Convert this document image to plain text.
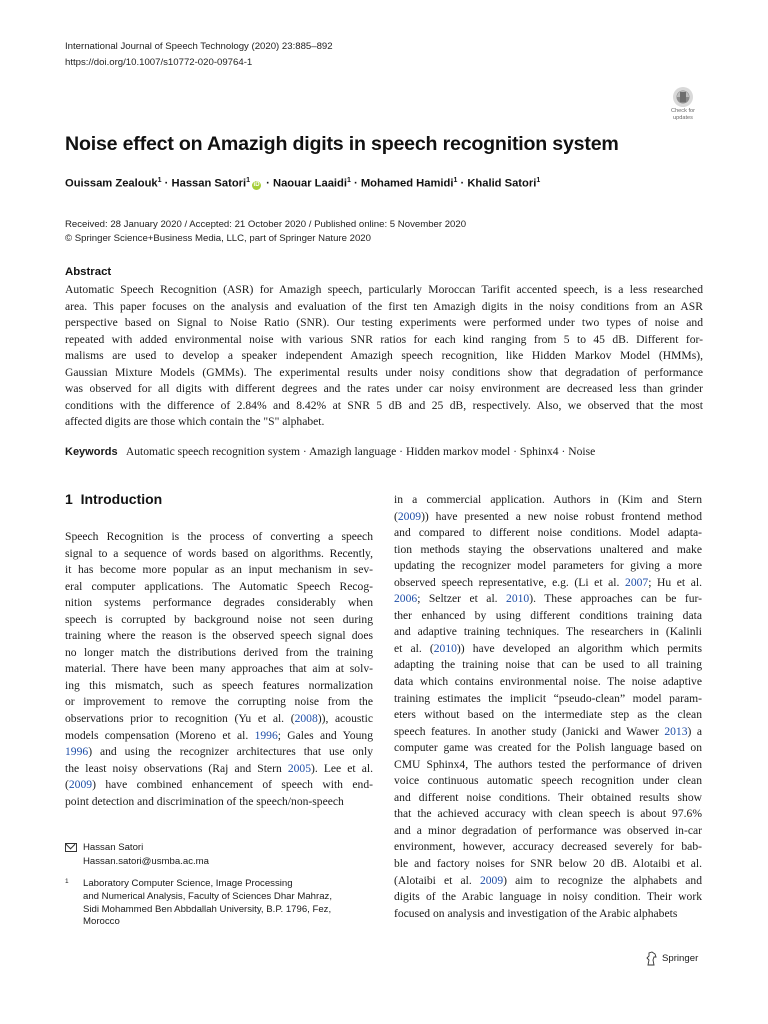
International Journal of Speech Technology (2020) 23:885–892
https://doi.org/10.1007/s10772-020-09764-1
Check for
updates
Noise effect on Amazigh digits in speech recognition system
Ouissam Zealouk$^1$ · Hassan Satori$^1$iD · Naouar Laaidi$^1$ · Mohamed Hamidi$^1$ · Khalid Satori$^1$
Received: 28 January 2020 / Accepted: 21 October 2020 / Published online: 5 November 2020
© Springer Science+Business Media, LLC, part of Springer Nature 2020
Abstract
Automatic Speech Recognition (ASR) for Amazigh speech, particularly Moroccan Tarifit accented speech, is a less researched
area. This paper focuses on the analysis and evaluation of the first ten Amazigh digits in the noisy conditions from an ASR
perspective based on Signal to Noise Ratio (SNR). Our testing experiments were performed under two types of noise and
repeated with added environmental noise with various SNR ratios for each kind ranging from 5 to 45 dB. Different for-
malisms are used to develop a speaker independent Amazigh speech recognition, like Hidden Markov Model (HMMs),
Gaussian Mixture Models (GMMs). The experimental results under noisy conditions show that degradation of performance
was observed for all digits with different degrees and the rates under car noisy environment are decreased less than grinder
conditions with the difference of 2.84% and 8.42% at SNR 5 dB and 25 dB, respectively. Also, we observed that the most
affected digits are those which contain the "S" alphabet.
Keywords Automatic speech recognition system · Amazigh language · Hidden markov model · Sphinx4 · Noise
1 Introduction
Speech Recognition is the process of converting a speech
signal to a sequence of words based on algorithms. Recently,
it has become more popular as an input mechanism in sev-
eral computer applications. The Automatic Speech Recog-
nition systems performance degrades considerably when
speech is corrupted by background noise not seen during
training where the reason is the observed speech signal does
no longer match the distributions derived from the training
material. There have been many approaches that aim at solv-
ing this mismatch, such as speech features normalization
or improvement to remove the corrupting noise from the
observations prior to recognition (Yu et al. (2008)), acoustic
models compensation (Moreno et al. 1996; Gales and Young
1996) and using the recognizer architectures that use only
the least noisy observations (Raj and Stern 2005). Lee et al.
(2009) have combined enhancement of speech with end-
point detection and discrimination of the speech/non-speech
in a commercial application. Authors in (Kim and Stern
(2009)) have presented a new noise robust frontend method
and compared to different noise conditions. Model adapta-
tion methods staying the observations unaltered and make
updating the recognizer model parameters for giving a more
observed speech representative, e.g. (Li et al. 2007; Hu et al.
2006; Seltzer et al. 2010). These approaches can be fur-
ther enhanced by using different conditions training data
and adaptive training techniques. The researchers in (Kalinli
et al. (2010)) have developed an algorithm which permits
adapting the training noise that can be used to all training
data which contains environmental noise. The noise adaptive
training estimates the implicit “pseudo-clean” model param-
eters without based on the intermediate step as the clean
speech features. In another study (Janicki and Wawer 2013) a
computer game was created for the Polish language based on
CMU Sphinx4, The authors tested the performance of driven
voice continuous automatic speech recognition under clean
and different noise conditions. Their obtained results show
that the achieved accuracy with clean speech is about 97.6%
and a minor degradation of performance was observed in-car
environment, however, accuracy decreased severely for bab-
ble and factory noises for SNR below 20 dB. Alotaibi et al.
(Alotaibi et al. 2009) aim to recognize the alphabets and
digits of the Arabic language in noisy condition. Their work
focused on analysis and investigation of the Arabic alphabets
Hassan Satori
Hassan.satori@usmba.ac.ma
1 Laboratory Computer Science, Image Processing
and Numerical Analysis, Faculty of Sciences Dhar Mahraz,
Sidi Mohammed Ben Abbdallah University, B.P. 1796, Fez,
Morocco
Springer
